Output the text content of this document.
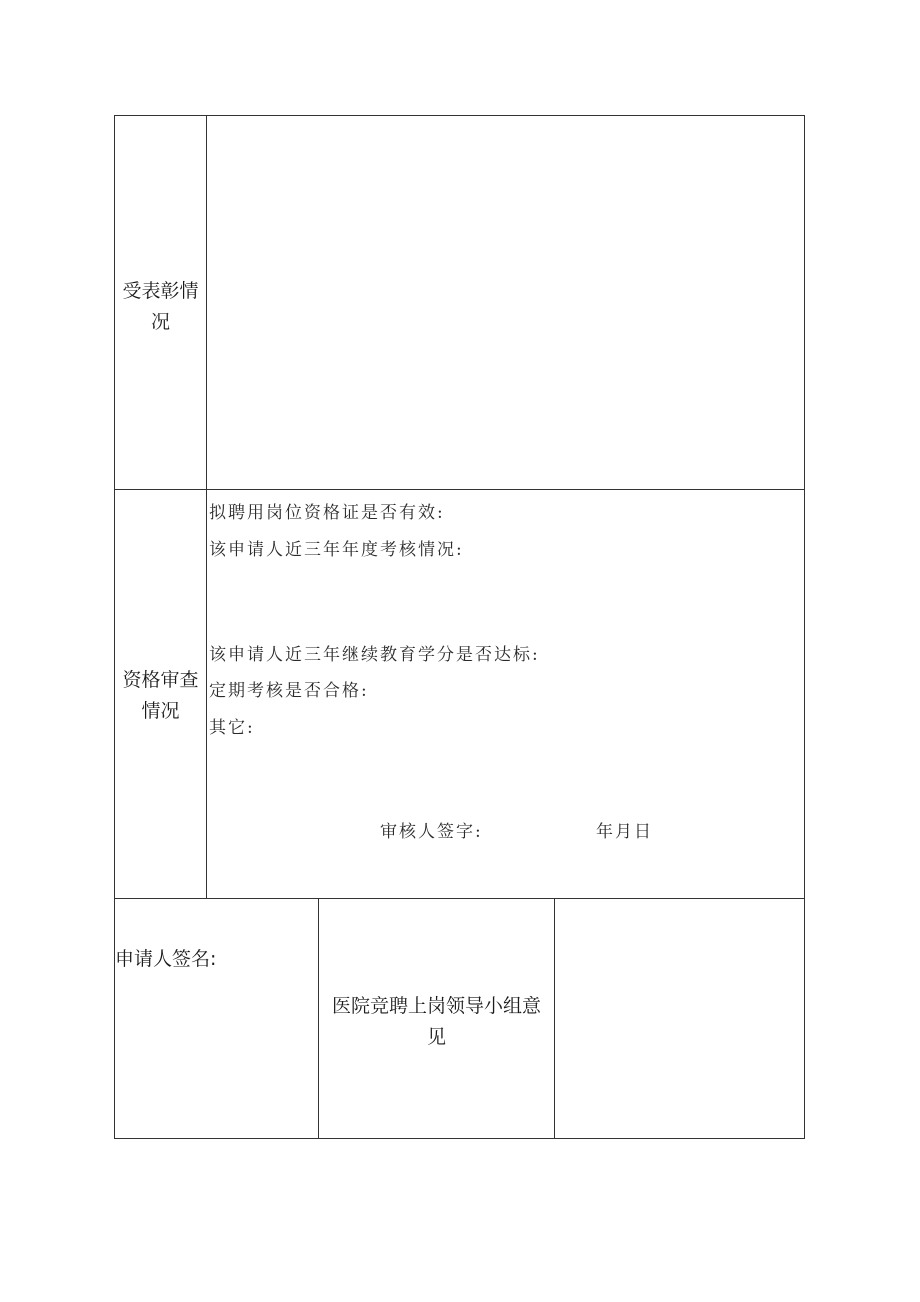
受表彰情
况
资格审查
情况
拟聘用岗位资格证是否有效:
该申请人近三年年度考核情况:
该申请人近三年继续教育学分是否达标:
定期考核是否合格:
其它:
审核人签字:	年月日
申请人签名:
医院竞聘上岗领导小组意
见
